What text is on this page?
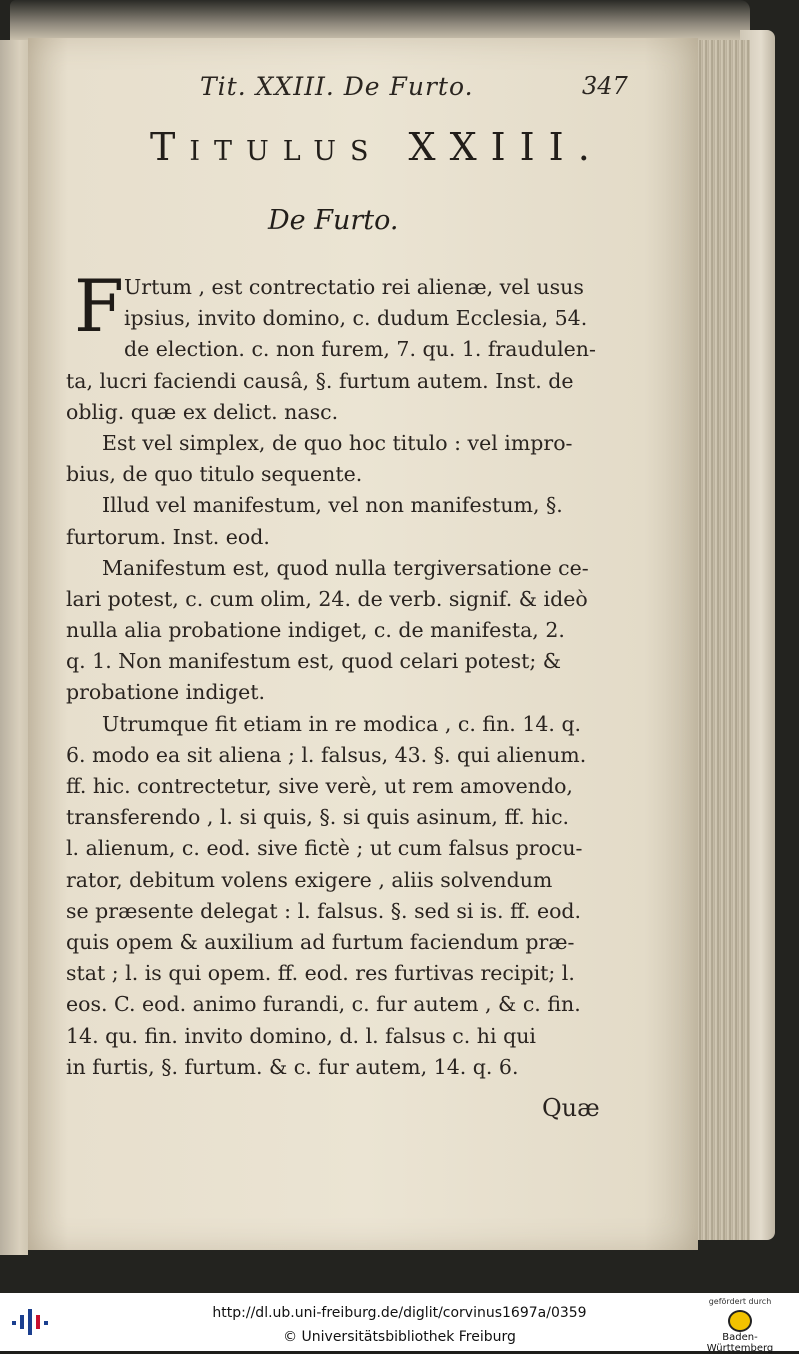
Tit. XXIII. De Furto.	347
Titulus XXIII.
De Furto.
F Urtum , est contrectatio rei alienæ, vel usus
ipsius, invito domino, c. dudum Ecclesia, 54.
de election. c. non furem, 7. qu. 1. fraudulen-
ta, lucri faciendi causâ, §. furtum autem. Inst. de
oblig. quæ ex delict. nasc.
Est vel simplex, de quo hoc titulo : vel impro-
bius, de quo titulo sequente.
Illud vel manifestum, vel non manifestum, §.
furtorum. Inst. eod.
Manifestum est, quod nulla tergiversatione ce-
lari potest, c. cum olim, 24. de verb. signif. & ideò
nulla alia probatione indiget, c. de manifesta, 2.
q. 1. Non manifestum est, quod celari potest; &
probatione indiget.
Utrumque fit etiam in re modica , c. fin. 14. q.
6. modo ea sit aliena ; l. falsus, 43. §. qui alienum.
ff. hic. contrectetur, sive verè, ut rem amovendo,
transferendo , l. si quis, §. si quis asinum, ff. hic.
l. alienum, c. eod. sive fictè ; ut cum falsus procu-
rator, debitum volens exigere , aliis solvendum
se præsente delegat : l. falsus. §. sed si is. ff. eod.
quis opem & auxilium ad furtum faciendum præ-
stat ; l. is qui opem. ff. eod. res furtivas recipit; l.
eos. C. eod. animo furandi, c. fur autem , & c. fin.
14. qu. fin. invito domino, d. l. falsus c. hi qui
in furtis, §. furtum. & c. fur autem, 14. q. 6.
Quæ
http://dl.ub.uni-freiburg.de/diglit/corvinus1697a/0359
© Universitätsbibliothek Freiburg
gefördert durch
Baden-Württemberg
